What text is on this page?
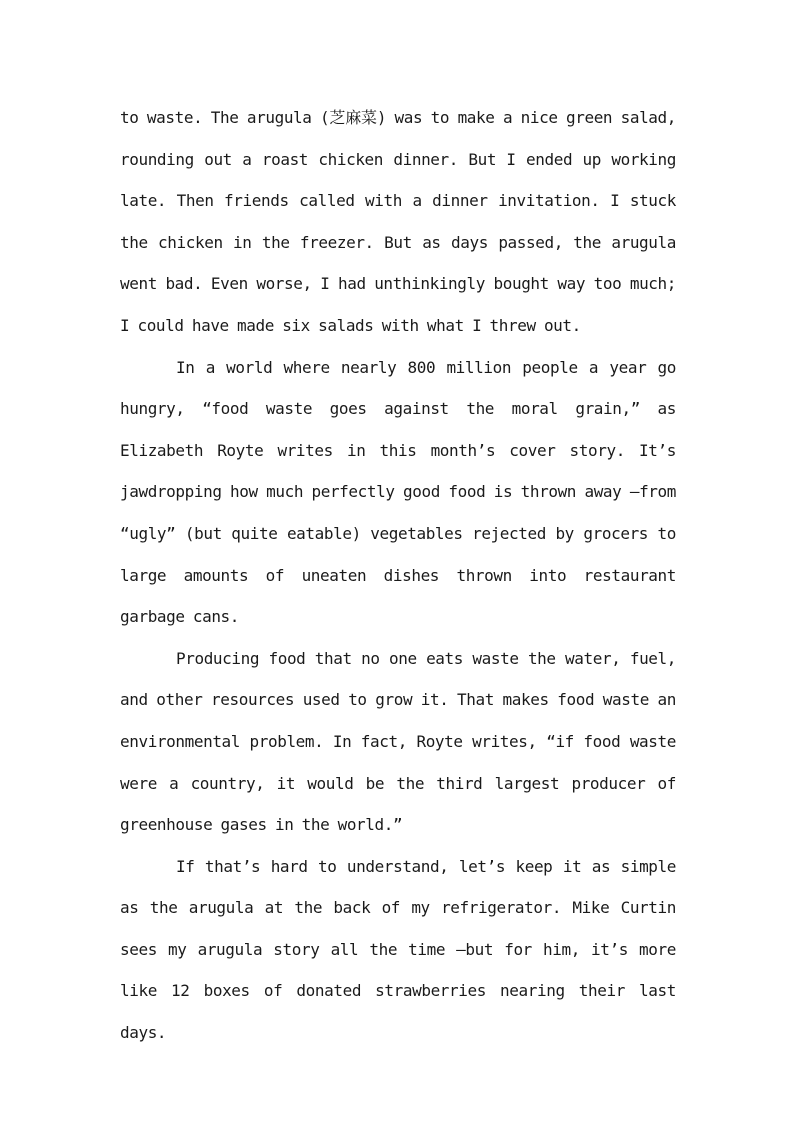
to waste. The arugula (芝麻菜) was to make a nice green salad, rounding out a roast chicken dinner. But I ended up working late. Then friends called with a dinner invitation. I stuck the chicken in the freezer. But as days passed, the arugula went bad. Even worse, I had unthinkingly bought way too much; I could have made six salads with what I threw out.

In a world where nearly 800 million people a year go hungry, “food waste goes against the moral grain,” as Elizabeth Royte writes in this month’s cover story. It’s jawdropping how much perfectly good food is thrown away —from “ugly” (but quite eatable) vegetables rejected by grocers to large amounts of uneaten dishes thrown into restaurant garbage cans.

Producing food that no one eats waste the water, fuel, and other resources used to grow it. That makes food waste an environmental problem. In fact, Royte writes, “if food waste were a country, it would be the third largest producer of greenhouse gases in the world.”

If that’s hard to understand, let’s keep it as simple as the arugula at the back of my refrigerator. Mike Curtin sees my arugula story all the time —but for him, it’s more like 12 boxes of donated strawberries nearing their last days.
